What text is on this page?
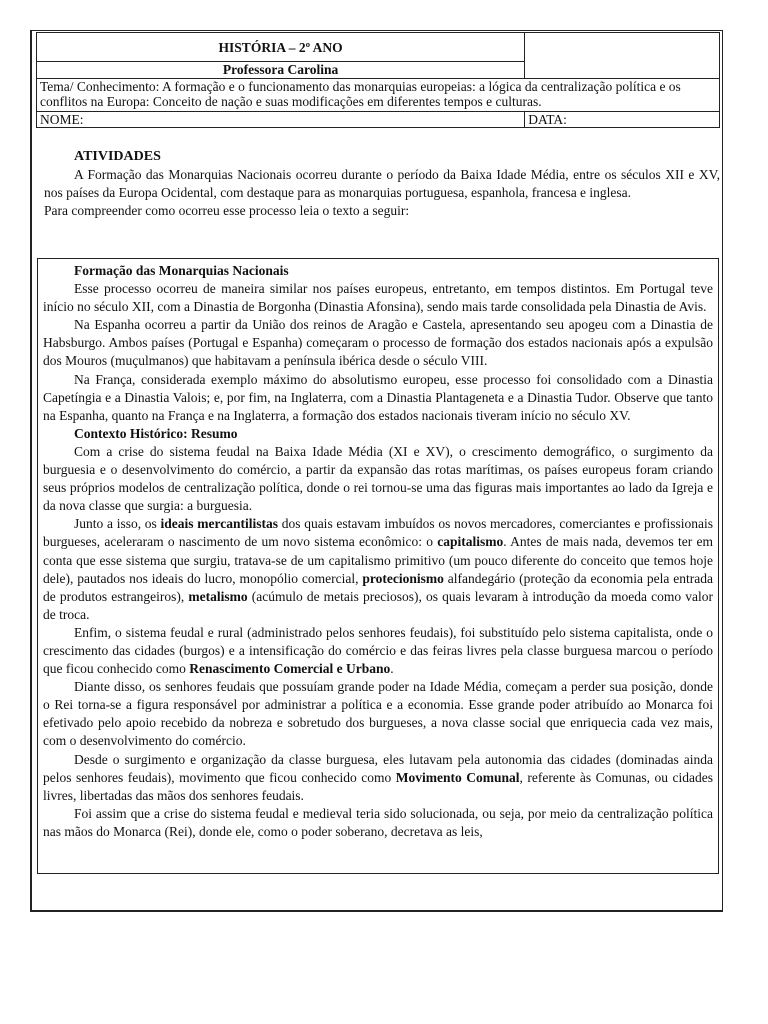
HISTÓRIA – 2º ANO	
Professora Carolina	
Tema/ Conhecimento: A formação e o funcionamento das monarquias europeias: a lógica da centralização política e os conflitos na Europa: Conceito de nação e suas modificações em diferentes tempos e culturas.	
NOME:	DATA:

ATIVIDADES

A Formação das Monarquias Nacionais ocorreu durante o período da Baixa Idade Média, entre os séculos XII e XV, nos países da Europa Ocidental, com destaque para as monarquias portuguesa, espanhola, francesa e inglesa.

Para compreender como ocorreu esse processo leia o texto a seguir:

Formação das Monarquias Nacionais

Esse processo ocorreu de maneira similar nos países europeus, entretanto, em tempos distintos. Em Portugal teve início no século XII, com a Dinastia de Borgonha (Dinastia Afonsina), sendo mais tarde consolidada pela Dinastia de Avis.

Na Espanha ocorreu a partir da União dos reinos de Aragão e Castela, apresentando seu apogeu com a Dinastia de Habsburgo. Ambos países (Portugal e Espanha) começaram o processo de formação dos estados nacionais após a expulsão dos Mouros (muçulmanos) que habitavam a península ibérica desde o século VIII.

Na França, considerada exemplo máximo do absolutismo europeu, esse processo foi consolidado com a Dinastia Capetíngia e a Dinastia Valois; e, por fim, na Inglaterra, com a Dinastia Plantageneta e a Dinastia Tudor. Observe que tanto na Espanha, quanto na França e na Inglaterra, a formação dos estados nacionais tiveram início no século XV.

Contexto Histórico: Resumo

Com a crise do sistema feudal na Baixa Idade Média (XI e XV), o crescimento demográfico, o surgimento da burguesia e o desenvolvimento do comércio, a partir da expansão das rotas marítimas, os países europeus foram criando seus próprios modelos de centralização política, donde o rei tornou-se uma das figuras mais importantes ao lado da Igreja e da nova classe que surgia: a burguesia.

Junto a isso, os ideais mercantilistas dos quais estavam imbuídos os novos mercadores, comerciantes e profissionais burgueses, aceleraram o nascimento de um novo sistema econômico: o capitalismo. Antes de mais nada, devemos ter em conta que esse sistema que surgiu, tratava-se de um capitalismo primitivo (um pouco diferente do conceito que temos hoje dele), pautados nos ideais do lucro, monopólio comercial, protecionismo alfandegário (proteção da economia pela entrada de produtos estrangeiros), metalismo (acúmulo de metais preciosos), os quais levaram à introdução da moeda como valor de troca.

Enfim, o sistema feudal e rural (administrado pelos senhores feudais), foi substituído pelo sistema capitalista, onde o crescimento das cidades (burgos) e a intensificação do comércio e das feiras livres pela classe burguesa marcou o período que ficou conhecido como Renascimento Comercial e Urbano.

Diante disso, os senhores feudais que possuíam grande poder na Idade Média, começam a perder sua posição, donde o Rei torna-se a figura responsável por administrar a política e a economia. Esse grande poder atribuído ao Monarca foi efetivado pelo apoio recebido da nobreza e sobretudo dos burgueses, a nova classe social que enriquecia cada vez mais, com o desenvolvimento do comércio.

Desde o surgimento e organização da classe burguesa, eles lutavam pela autonomia das cidades (dominadas ainda pelos senhores feudais), movimento que ficou conhecido como Movimento Comunal, referente às Comunas, ou cidades livres, libertadas das mãos dos senhores feudais.

Foi assim que a crise do sistema feudal e medieval teria sido solucionada, ou seja, por meio da centralização política nas mãos do Monarca (Rei), donde ele, como o poder soberano, decretava as leis,
